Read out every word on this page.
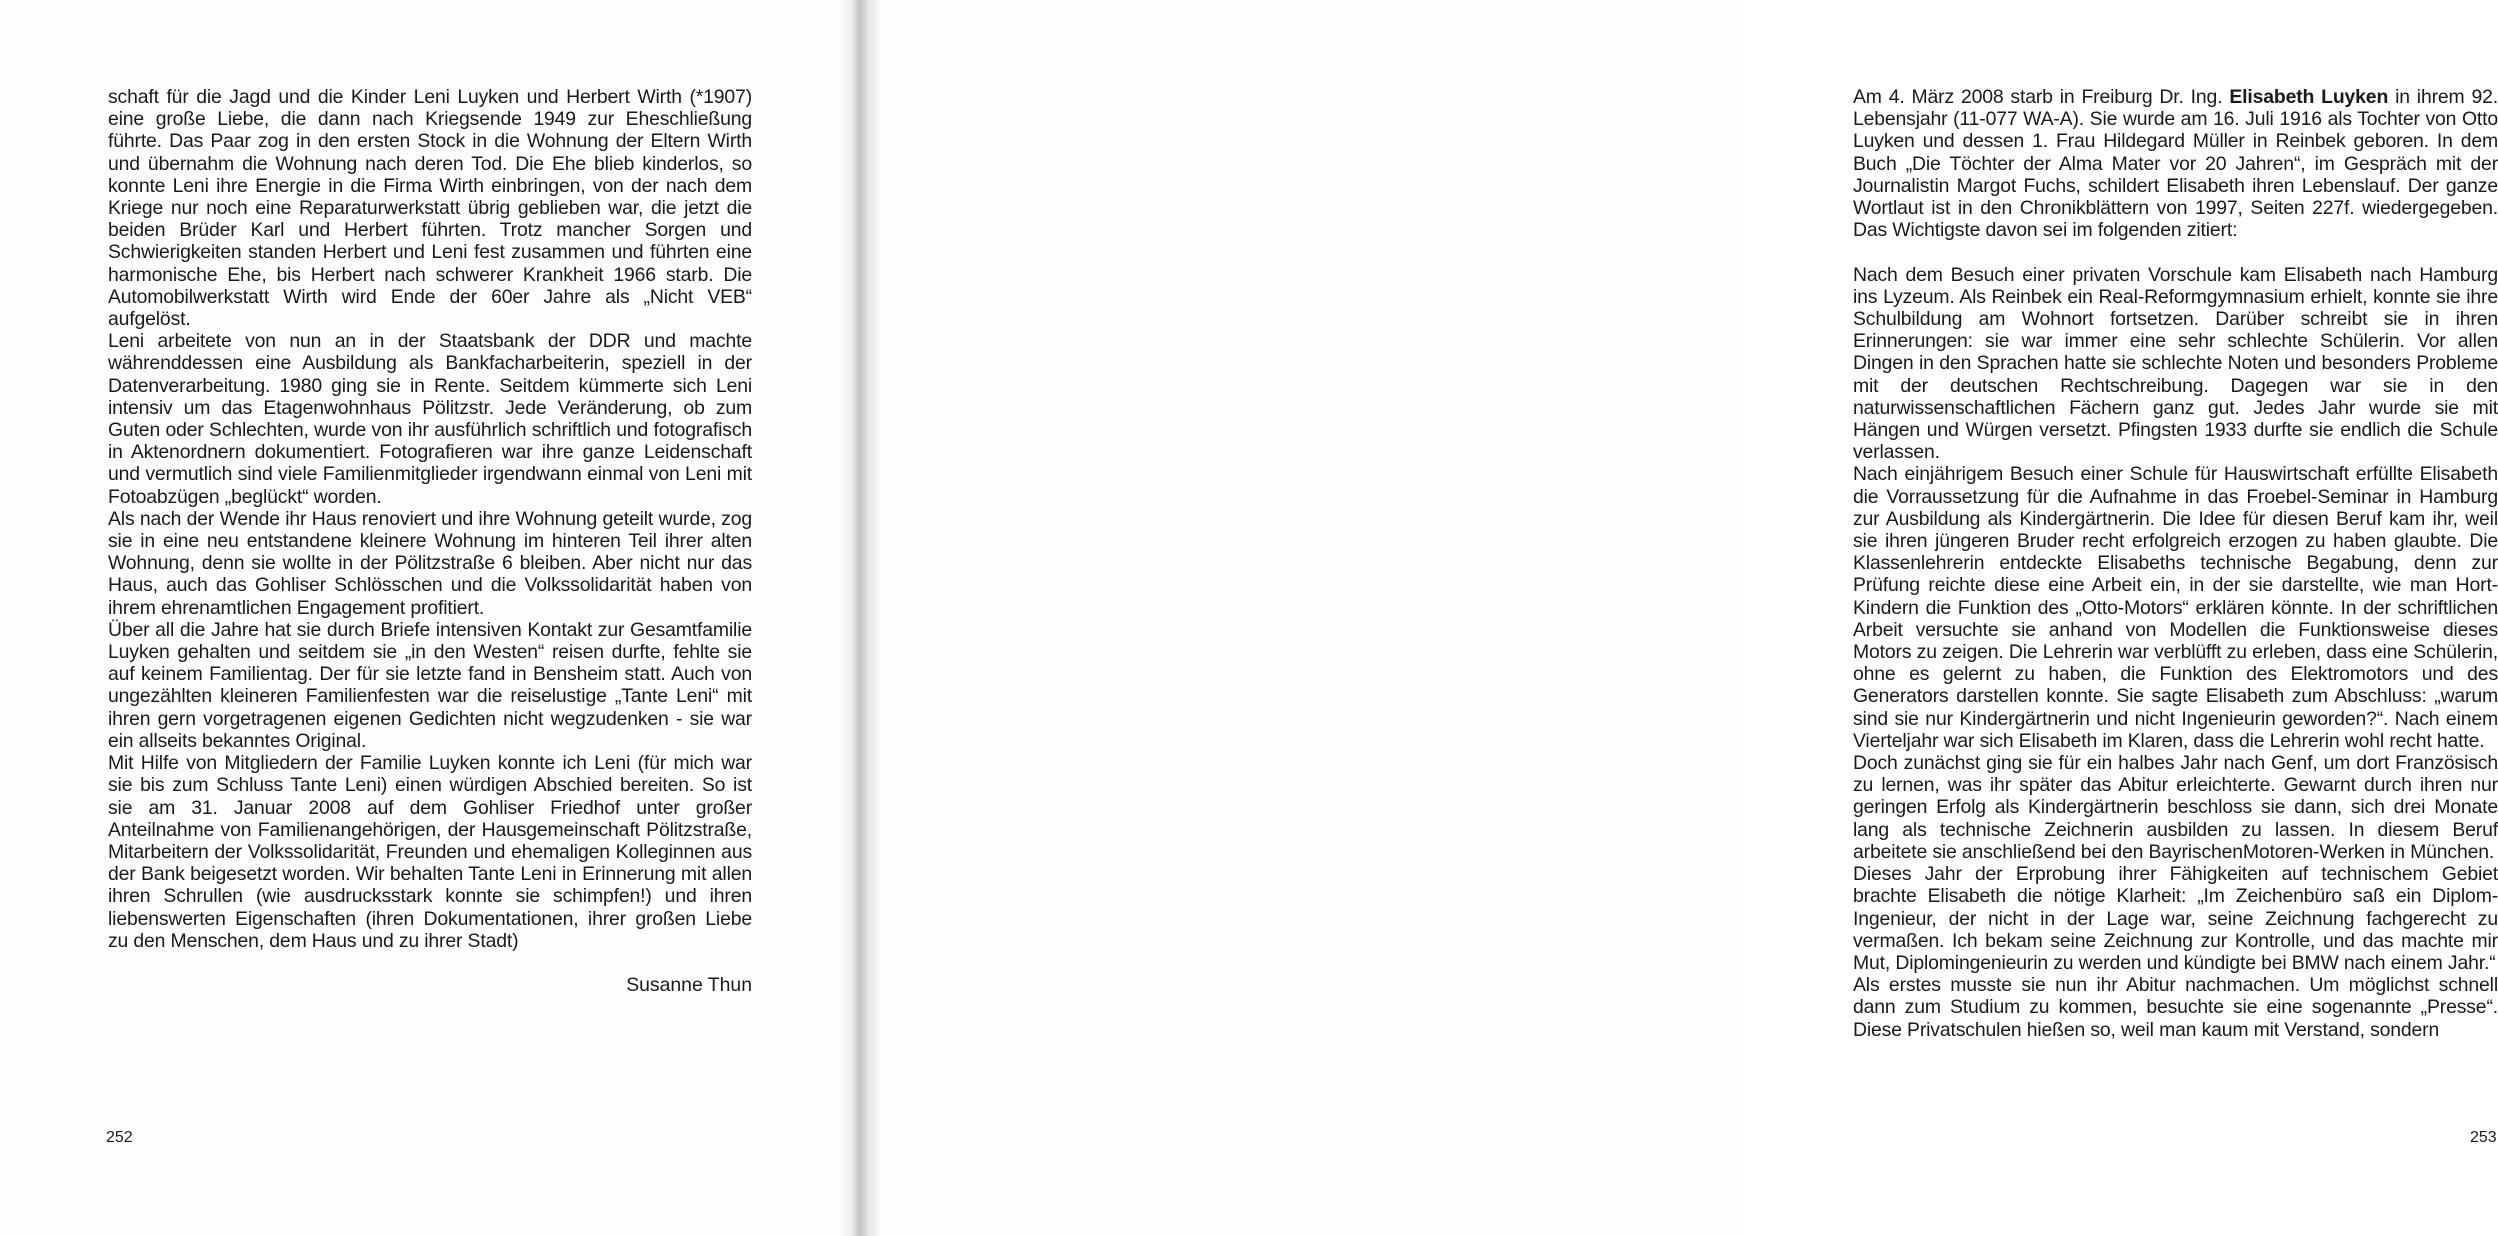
schaft für die Jagd und die Kinder Leni Luyken und Herbert Wirth (*1907) eine große Liebe, die dann nach Kriegsende 1949 zur Eheschließung führte. Das Paar zog in den ersten Stock in die Wohnung der Eltern Wirth und übernahm die Wohnung nach deren Tod. Die Ehe blieb kinderlos, so konnte Leni ihre Energie in die Firma Wirth einbringen, von der nach dem Kriege nur noch eine Reparaturwerkstatt übrig geblieben war, die jetzt die beiden Brüder Karl und Herbert führten. Trotz mancher Sorgen und Schwierigkeiten standen Herbert und Leni fest zusammen und führten eine harmonische Ehe, bis Herbert nach schwerer Krankheit 1966 starb. Die Automobilwerkstatt Wirth wird Ende der 60er Jahre als „Nicht VEB“ aufgelöst.

Leni arbeitete von nun an in der Staatsbank der DDR und machte währenddessen eine Ausbildung als Bankfacharbeiterin, speziell in der Datenverarbeitung. 1980 ging sie in Rente. Seitdem kümmerte sich Leni intensiv um das Etagenwohnhaus Pölitzstr. Jede Veränderung, ob zum Guten oder Schlechten, wurde von ihr ausführlich schriftlich und fotografisch in Aktenordnern dokumentiert. Fotografieren war ihre ganze Leidenschaft und vermutlich sind viele Familienmitglieder irgendwann einmal von Leni mit Fotoabzügen „beglückt“ worden.

Als nach der Wende ihr Haus renoviert und ihre Wohnung geteilt wurde, zog sie in eine neu entstandene kleinere Wohnung im hinteren Teil ihrer alten Wohnung, denn sie wollte in der Pölitzstraße 6 bleiben. Aber nicht nur das Haus, auch das Gohliser Schlösschen und die Volkssolidarität haben von ihrem ehrenamtlichen Engagement profitiert.

Über all die Jahre hat sie durch Briefe intensiven Kontakt zur Gesamtfamilie Luyken gehalten und seitdem sie „in den Westen“ reisen durfte, fehlte sie auf keinem Familientag. Der für sie letzte fand in Bensheim statt. Auch von ungezählten kleineren Familienfesten war die reiselustige „Tante Leni“ mit ihren gern vorgetragenen eigenen Gedichten nicht wegzudenken - sie war ein allseits bekanntes Original.

Mit Hilfe von Mitgliedern der Familie Luyken konnte ich Leni (für mich war sie bis zum Schluss Tante Leni) einen würdigen Abschied bereiten. So ist sie am 31. Januar 2008 auf dem Gohliser Friedhof unter großer Anteilnahme von Familienangehörigen, der Hausgemeinschaft Pölitzstraße, Mitarbeitern der Volkssolidarität, Freunden und ehemaligen Kolleginnen aus der Bank beigesetzt worden. Wir behalten Tante Leni in Erinnerung mit allen ihren Schrullen (wie ausdrucksstark konnte sie schimpfen!) und ihren liebenswerten Eigenschaften (ihren Dokumentationen, ihrer großen Liebe zu den Menschen, dem Haus und zu ihrer Stadt)

Susanne Thun
252

Am 4. März 2008 starb in Freiburg Dr. Ing. Elisabeth Luyken in ihrem 92. Lebensjahr (11-077 WA-A). Sie wurde am 16. Juli 1916 als Tochter von Otto Luyken und dessen 1. Frau Hildegard Müller in Reinbek geboren. In dem Buch „Die Töchter der Alma Mater vor 20 Jahren“, im Gespräch mit der Journalistin Margot Fuchs, schildert Elisabeth ihren Lebenslauf. Der ganze Wortlaut ist in den Chronikblättern von 1997, Seiten 227f. wiedergegeben. Das Wichtigste davon sei im folgenden zitiert:

Nach dem Besuch einer privaten Vorschule kam Elisabeth nach Hamburg ins Lyzeum. Als Reinbek ein Real-Reformgymnasium erhielt, konnte sie ihre Schulbildung am Wohnort fortsetzen. Darüber schreibt sie in ihren Erinnerungen: sie war immer eine sehr schlechte Schülerin. Vor allen Dingen in den Sprachen hatte sie schlechte Noten und besonders Probleme mit der deutschen Rechtschreibung. Dagegen war sie in den naturwissenschaftlichen Fächern ganz gut. Jedes Jahr wurde sie mit Hängen und Würgen versetzt. Pfingsten 1933 durfte sie endlich die Schule verlassen.

Nach einjährigem Besuch einer Schule für Hauswirtschaft erfüllte Elisabeth die Vorraussetzung für die Aufnahme in das Froebel-Seminar in Hamburg zur Ausbildung als Kindergärtnerin. Die Idee für diesen Beruf kam ihr, weil sie ihren jüngeren Bruder recht erfolgreich erzogen zu haben glaubte. Die Klassenlehrerin entdeckte Elisabeths technische Begabung, denn zur Prüfung reichte diese eine Arbeit ein, in der sie darstellte, wie man Hort-Kindern die Funktion des „Otto-Motors“ erklären könnte. In der schriftlichen Arbeit versuchte sie anhand von Modellen die Funktionsweise dieses Motors zu zeigen. Die Lehrerin war verblüfft zu erleben, dass eine Schülerin, ohne es gelernt zu haben, die Funktion des Elektromotors und des Generators darstellen konnte. Sie sagte Elisabeth zum Abschluss: „warum sind sie nur Kindergärtnerin und nicht Ingenieurin geworden?“. Nach einem Vierteljahr war sich Elisabeth im Klaren, dass die Lehrerin wohl recht hatte.

Doch zunächst ging sie für ein halbes Jahr nach Genf, um dort Französisch zu lernen, was ihr später das Abitur erleichterte. Gewarnt durch ihren nur geringen Erfolg als Kindergärtnerin beschloss sie dann, sich drei Monate lang als technische Zeichnerin ausbilden zu lassen. In diesem Beruf arbeitete sie anschließend bei den BayrischenMotoren-Werken in München.

Dieses Jahr der Erprobung ihrer Fähigkeiten auf technischem Gebiet brachte Elisabeth die nötige Klarheit: „Im Zeichenbüro saß ein Diplom-Ingenieur, der nicht in der Lage war, seine Zeichnung fachgerecht zu vermaßen. Ich bekam seine Zeichnung zur Kontrolle, und das machte mir Mut, Diplomingenieurin zu werden und kündigte bei BMW nach einem Jahr.“

Als erstes musste sie nun ihr Abitur nachmachen. Um möglichst schnell dann zum Studium zu kommen, besuchte sie eine sogenannte „Presse“. Diese Privatschulen hießen so, weil man kaum mit Verstand, sondern

253
